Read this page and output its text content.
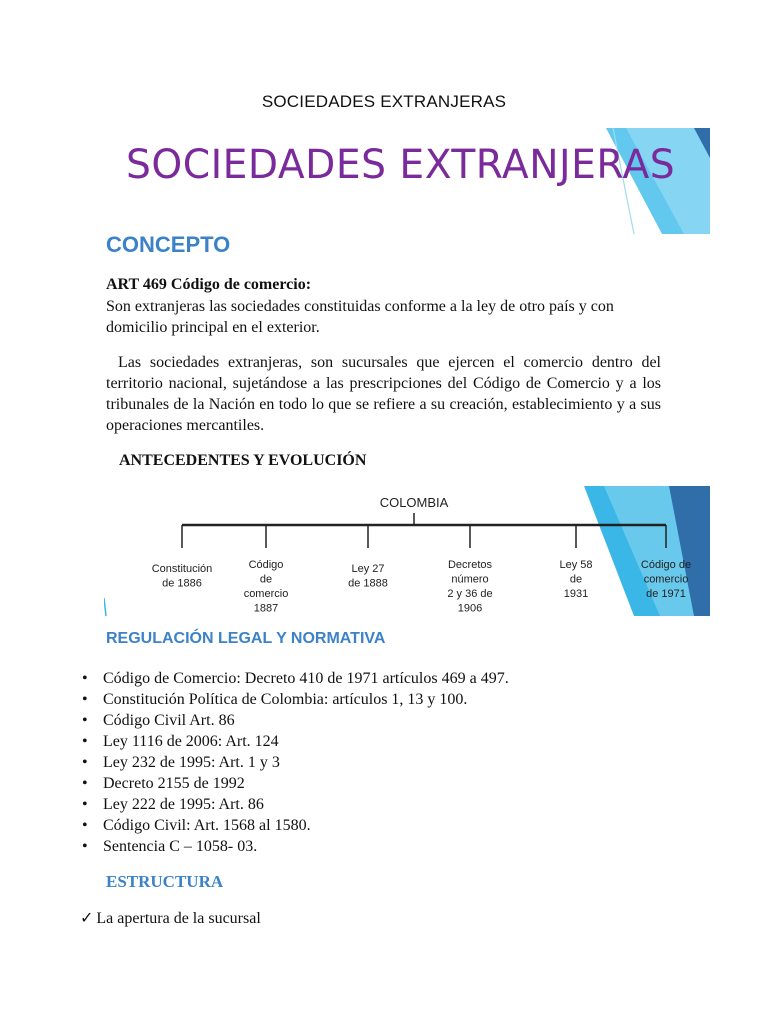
SOCIEDADES EXTRANJERAS
SOCIEDADES EXTRANJERAS
CONCEPTO
ART 469 Código de comercio:
Son extranjeras las sociedades constituidas conforme a la ley de otro país y con domicilio principal en el exterior.
Las sociedades extranjeras, son sucursales que ejercen el comercio dentro del territorio nacional, sujetándose a las prescripciones del Código de Comercio y a los tribunales de la Nación en todo lo que se refiere a su creación, establecimiento y a sus operaciones mercantiles.
ANTECEDENTES Y EVOLUCIÓN
COLOMBIA
Constitución de 1886
Código de comercio 1887
Ley 27 de 1888
Decretos número 2 y 36 de 1906
Ley 58 de 1931
Código de comercio de 1971
REGULACIÓN LEGAL Y NORMATIVA
• Código de Comercio: Decreto 410 de 1971 artículos 469 a 497.
• Constitución Política de Colombia: artículos 1, 13 y 100.
• Código Civil Art. 86
• Ley 1116 de 2006: Art. 124
• Ley 232 de 1995: Art. 1 y 3
• Decreto 2155 de 1992
• Ley 222 de 1995: Art. 86
• Código Civil: Art. 1568 al 1580.
• Sentencia C – 1058- 03.
ESTRUCTURA
✓ La apertura de la sucursal
